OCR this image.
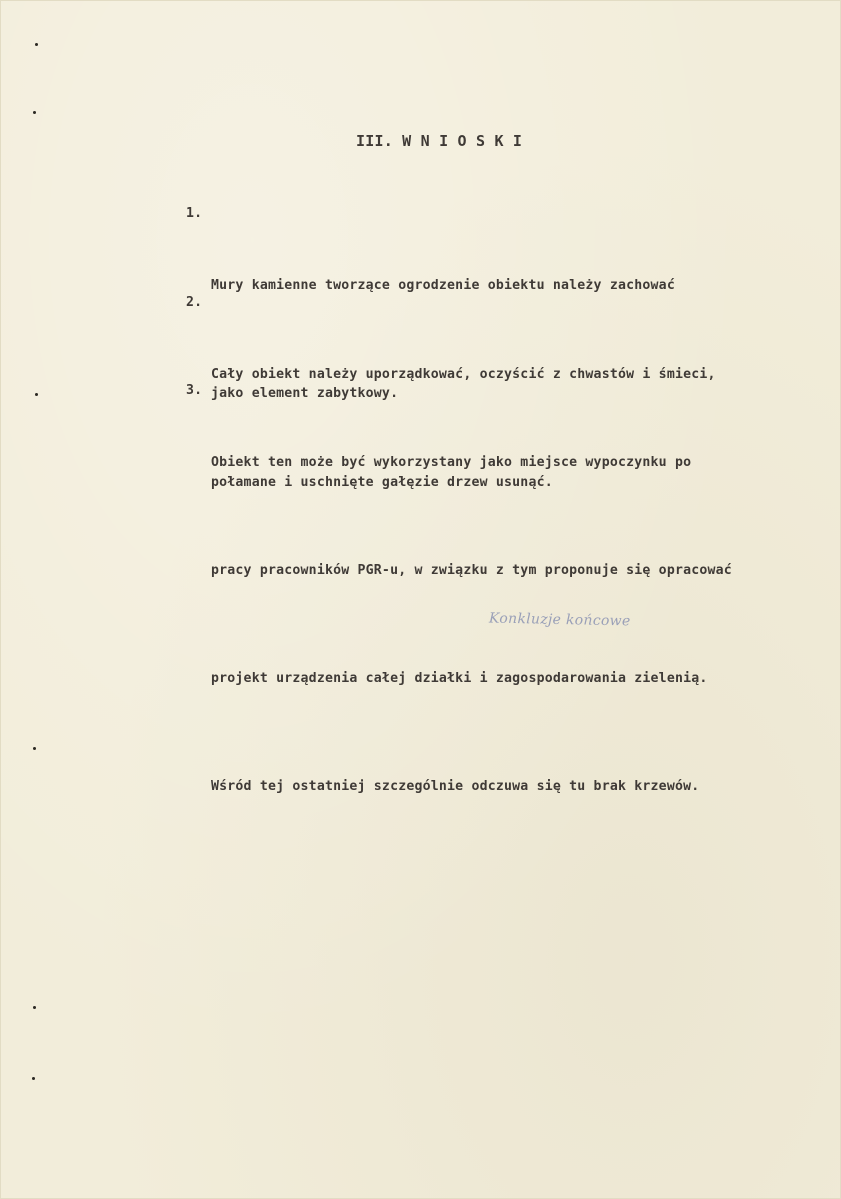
III. W N I O S K I
1.

Mury kamienne tworzące ogrodzenie obiektu należy zachować

jako element zabytkowy.

2.

Cały obiekt należy uporządkować, oczyścić z chwastów i śmieci,

połamane i uschnięte gałęzie drzew usunąć.

3.

Obiekt ten może być wykorzystany jako miejsce wypoczynku po

pracy pracowników PGR-u, w związku z tym proponuje się opracować

projekt urządzenia całej działki i zagospodarowania zielenią.

Wśród tej ostatniej szczególnie odczuwa się tu brak krzewów.

Konkluzje końcowe
